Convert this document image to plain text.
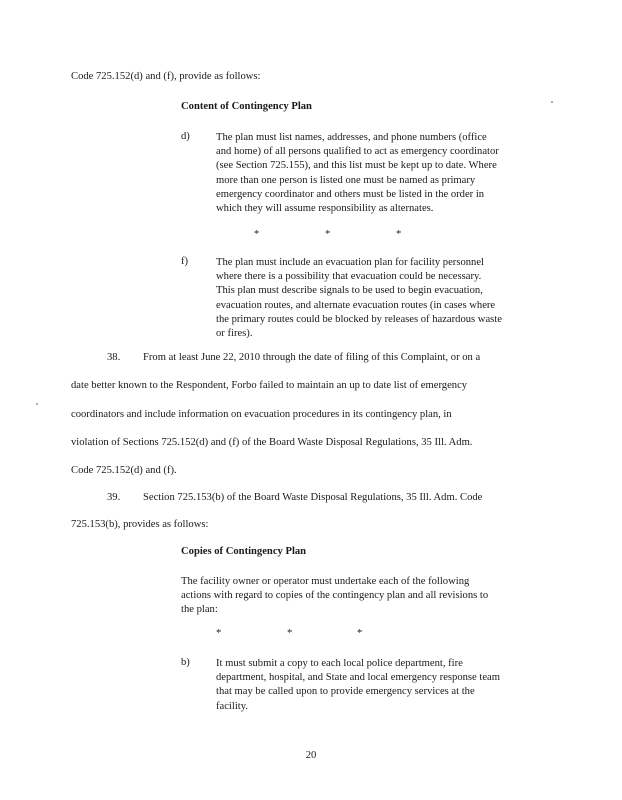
Code 725.152(d) and (f), provide as follows:
Content of Contingency Plan
d) The plan must list names, addresses, and phone numbers (office
and home) of all persons qualified to act as emergency coordinator
(see Section 725.155), and this list must be kept up to date. Where
more than one person is listed one must be named as primary
emergency coordinator and others must be listed in the order in
which they will assume responsibility as alternates.
*	*	*
f)	The plan must include an evacuation plan for facility personnel
where there is a possibility that evacuation could be necessary.
This plan must describe signals to be used to begin evacuation,
evacuation routes, and alternate evacuation routes (in cases where
the primary routes could be blocked by releases of hazardous waste
or fires).
38. From at least June 22, 2010 through the date of filing of this Complaint, or on a
date better known to the Respondent, Forbo failed to maintain an up to date list of emergency
coordinators and include information on evacuation procedures in its contingency plan, in
violation of Sections 725.152(d) and (f) of the Board Waste Disposal Regulations, 35 Ill. Adm.
Code 725.152(d) and (f).
39. Section 725.153(b) of the Board Waste Disposal Regulations, 35 Ill. Adm. Code
725.153(b), provides as follows:
Copies of Contingency Plan
The facility owner or operator must undertake each of the following
actions with regard to copies of the contingency plan and all revisions to
the plan:
*	*	*
b) It must submit a copy to each local police department, fire
department, hospital, and State and local emergency response team
that may be called upon to provide emergency services at the
facility.
20
